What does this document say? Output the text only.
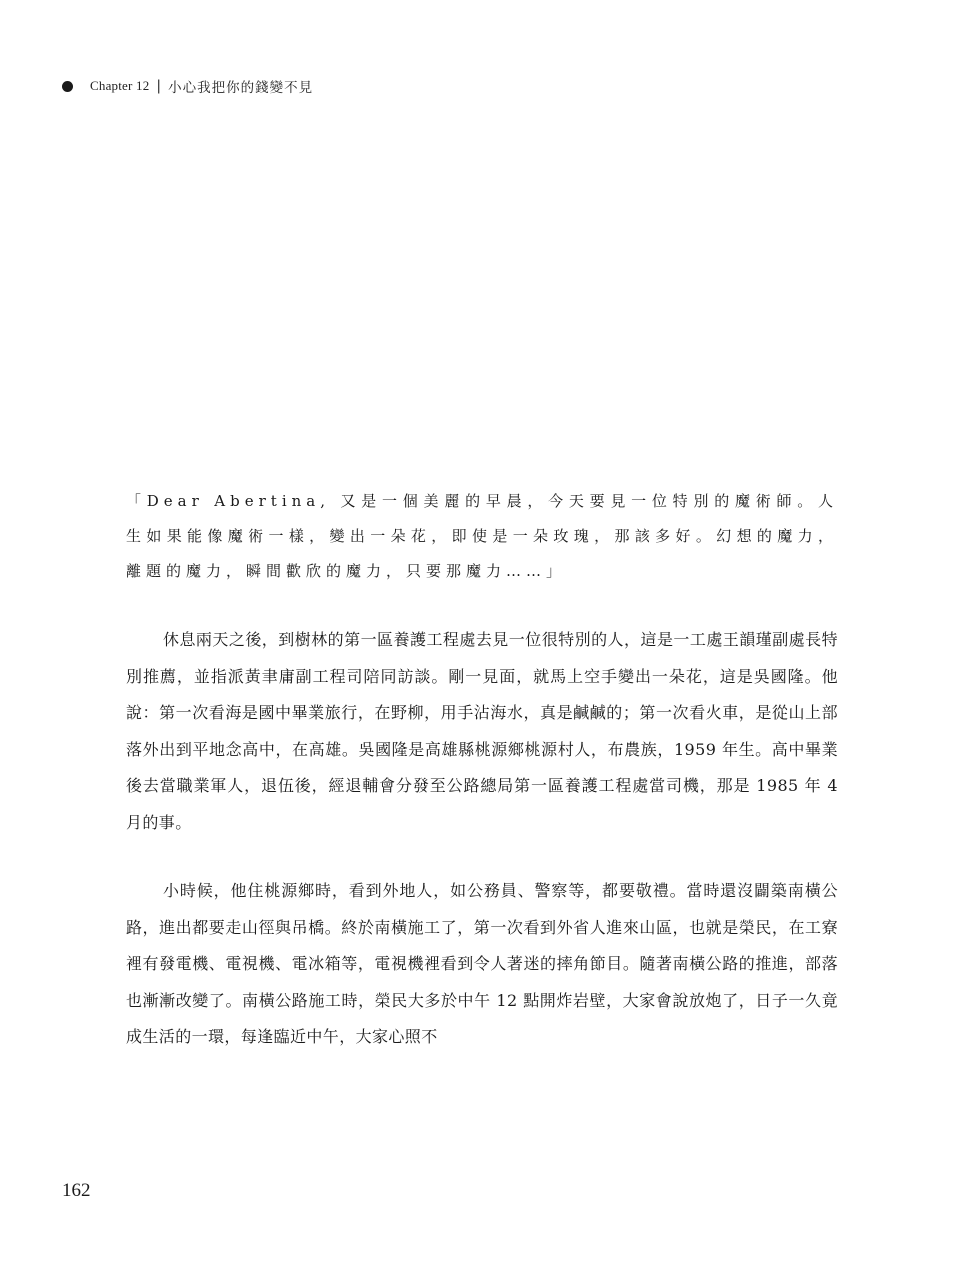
Chapter 12 | 小心我把你的錢變不見

「Dear Abertina, 又是一個美麗的早晨，今天要見一位特別的魔術師。人生如果能像魔術一樣，變出一朵花，即使是一朵玫瑰，那該多好。幻想的魔力，離題的魔力，瞬間歡欣的魔力，只要那魔力……」

休息兩天之後，到樹林的第一區養護工程處去見一位很特別的人，這是一工處王韻瑾副處長特別推薦，並指派黃聿庸副工程司陪同訪談。剛一見面，就馬上空手變出一朵花，這是吳國隆。他說：第一次看海是國中畢業旅行，在野柳，用手沾海水，真是鹹鹹的；第一次看火車，是從山上部落外出到平地念高中，在高雄。吳國隆是高雄縣桃源鄉桃源村人，布農族，1959 年生。高中畢業後去當職業軍人，退伍後，經退輔會分發至公路總局第一區養護工程處當司機，那是 1985 年 4 月的事。

小時候，他住桃源鄉時，看到外地人，如公務員、警察等，都要敬禮。當時還沒闢築南橫公路，進出都要走山徑與吊橋。終於南橫施工了，第一次看到外省人進來山區，也就是榮民，在工寮裡有發電機、電視機、電冰箱等，電視機裡看到令人著迷的摔角節目。隨著南橫公路的推進，部落也漸漸改變了。南橫公路施工時，榮民大多於中午 12 點開炸岩壁，大家會說放炮了，日子一久竟成生活的一環，每逢臨近中午，大家心照不

162
